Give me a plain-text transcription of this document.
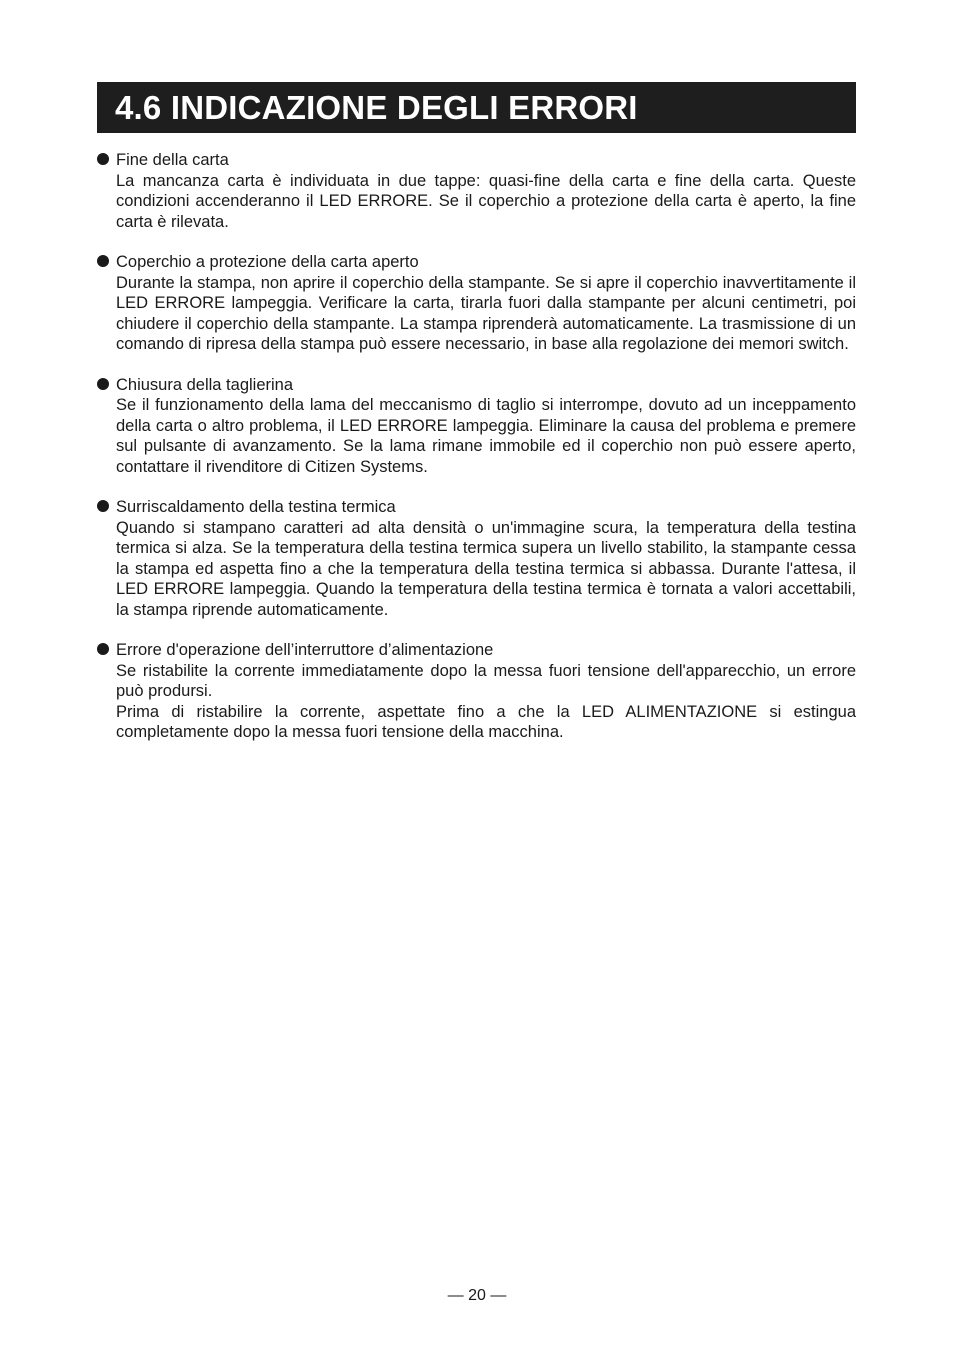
4.6 INDICAZIONE DEGLI ERRORI
Fine della carta

La mancanza carta è individuata in due tappe: quasi-fine della carta e fine della carta. Queste condizioni accenderanno il LED ERRORE. Se il coperchio a protezione della carta è aperto, la fine carta è rilevata.

Coperchio a protezione della carta aperto

Durante la stampa, non aprire il coperchio della stampante. Se si apre il coperchio inavvertitamente il LED ERRORE lampeggia. Verificare la carta, tirarla fuori dalla stampante per alcuni centimetri, poi chiudere il coperchio della stampante. La stampa riprenderà automaticamente. La trasmissione di un comando di ripresa della stampa può essere necessario, in base alla regolazione dei memori switch.

Chiusura della taglierina

Se il funzionamento della lama del meccanismo di taglio si interrompe, dovuto ad un inceppamento della carta o altro problema, il LED ERRORE lampeggia. Eliminare la causa del problema e premere sul pulsante di avanzamento. Se la lama rimane immobile ed il coperchio non può essere aperto, contattare il rivenditore di Citizen Systems.

Surriscaldamento della testina termica

Quando si stampano caratteri ad alta densità o un'immagine scura, la temperatura della testina termica si alza. Se la temperatura della testina termica supera un livello stabilito, la stampante cessa la stampa ed aspetta fino a che la temperatura della testina termica si abbassa. Durante l'attesa, il LED ERRORE lampeggia. Quando la temperatura della testina termica è tornata a valori accettabili, la stampa riprende automaticamente.

Errore d'operazione dell’interruttore d’alimentazione

Se ristabilite la corrente immediatamente dopo la messa fuori tensione dell'apparecchio, un errore può prodursi.

Prima di ristabilire la corrente, aspettate fino a che la LED ALIMENTAZIONE si estingua completamente dopo la messa fuori tensione della macchina.

— 20 —
